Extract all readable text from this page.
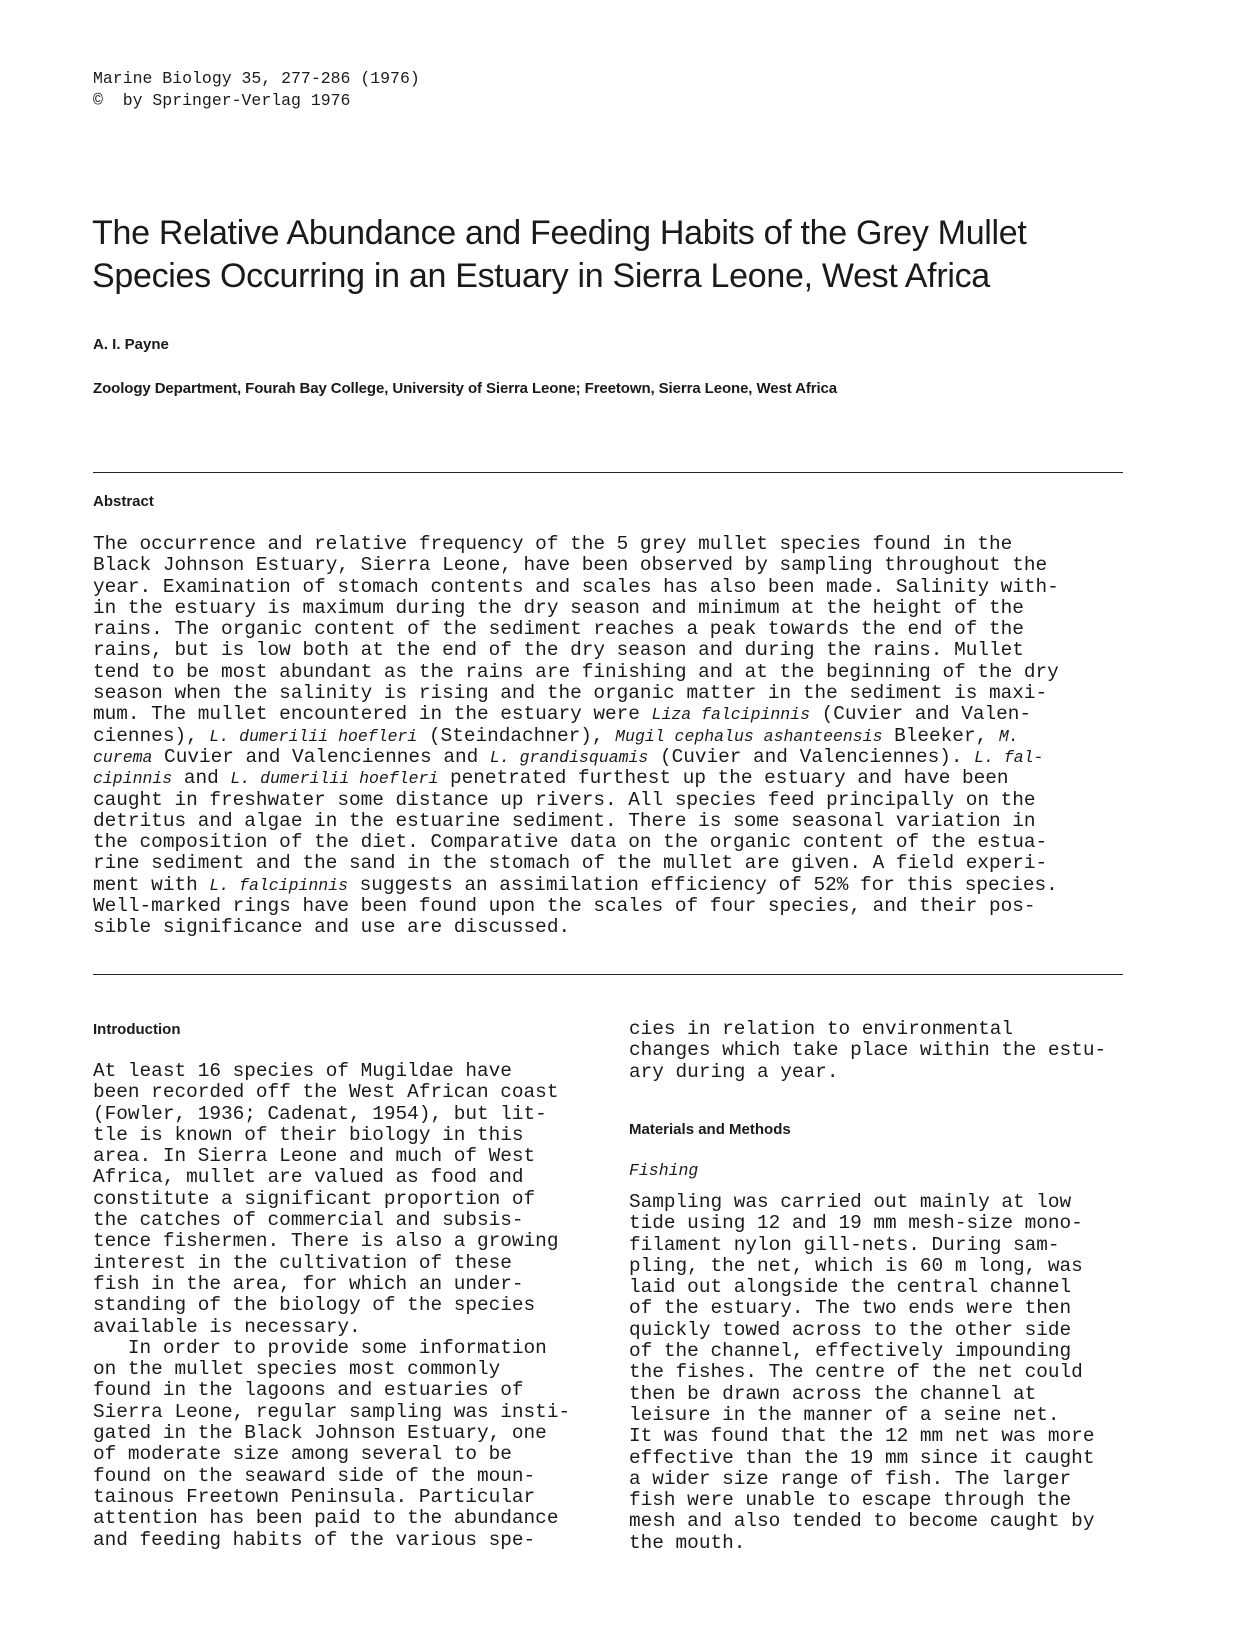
Marine Biology 35, 277-286 (1976)
©  by Springer-Verlag 1976
The Relative Abundance and Feeding Habits of the Grey Mullet
Species Occurring in an Estuary in Sierra Leone, West Africa
A. I. Payne
Zoology Department, Fourah Bay College, University of Sierra Leone; Freetown, Sierra Leone, West Africa
Abstract
The occurrence and relative frequency of the 5 grey mullet species found in the
Black Johnson Estuary, Sierra Leone, have been observed by sampling throughout the
year. Examination of stomach contents and scales has also been made. Salinity with-
in the estuary is maximum during the dry season and minimum at the height of the
rains. The organic content of the sediment reaches a peak towards the end of the
rains, but is low both at the end of the dry season and during the rains. Mullet
tend to be most abundant as the rains are finishing and at the beginning of the dry
season when the salinity is rising and the organic matter in the sediment is maxi-
mum. The mullet encountered in the estuary were Liza falcipinnis (Cuvier and Valen-
ciennes), L. dumerilii hoefleri (Steindachner), Mugil cephalus ashanteensis Bleeker, M.
curema Cuvier and Valenciennes and L. grandisquamis (Cuvier and Valenciennes). L. fal-
cipinnis and L. dumerilii hoefleri penetrated furthest up the estuary and have been
caught in freshwater some distance up rivers. All species feed principally on the
detritus and algae in the estuarine sediment. There is some seasonal variation in
the composition of the diet. Comparative data on the organic content of the estua-
rine sediment and the sand in the stomach of the mullet are given. A field experi-
ment with L. falcipinnis suggests an assimilation efficiency of 52% for this species.
Well-marked rings have been found upon the scales of four species, and their pos-
sible significance and use are discussed.
Introduction
At least 16 species of Mugildae have
been recorded off the West African coast
(Fowler, 1936; Cadenat, 1954), but lit-
tle is known of their biology in this
area. In Sierra Leone and much of West
Africa, mullet are valued as food and
constitute a significant proportion of
the catches of commercial and subsis-
tence fishermen. There is also a growing
interest in the cultivation of these
fish in the area, for which an under-
standing of the biology of the species
available is necessary.
In order to provide some information
on the mullet species most commonly
found in the lagoons and estuaries of
Sierra Leone, regular sampling was insti-
gated in the Black Johnson Estuary, one
of moderate size among several to be
found on the seaward side of the moun-
tainous Freetown Peninsula. Particular
attention has been paid to the abundance
and feeding habits of the various spe-
cies in relation to environmental
changes which take place within the estu-
ary during a year.
Materials and Methods
Fishing
Sampling was carried out mainly at low
tide using 12 and 19 mm mesh-size mono-
filament nylon gill-nets. During sam-
pling, the net, which is 60 m long, was
laid out alongside the central channel
of the estuary. The two ends were then
quickly towed across to the other side
of the channel, effectively impounding
the fishes. The centre of the net could
then be drawn across the channel at
leisure in the manner of a seine net.
It was found that the 12 mm net was more
effective than the 19 mm since it caught
a wider size range of fish. The larger
fish were unable to escape through the
mesh and also tended to become caught by
the mouth.
